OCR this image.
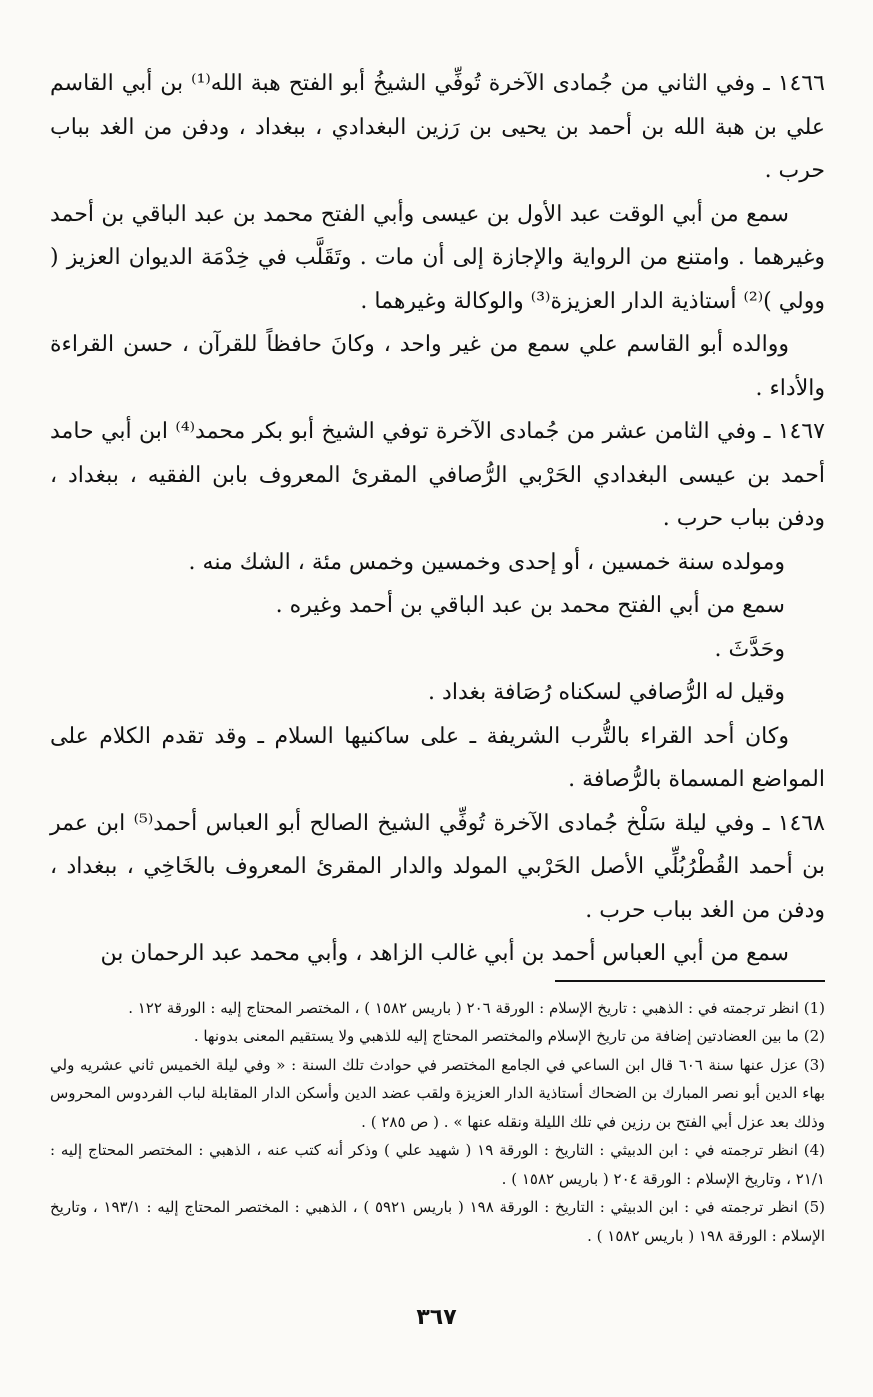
١٤٦٦ ـ وفي الثاني من جُمادى الآخرة تُوفِّي الشيخُ أبو الفتح هبة الله⁽¹⁾ بن أبي القاسم علي بن هبة الله بن أحمد بن يحيى بن رَزين البغدادي ، ببغداد ، ودفن من الغد بباب حرب .

سمع من أبي الوقت عبد الأول بن عيسى وأبي الفتح محمد بن عبد الباقي بن أحمد وغيرهما . وامتنع من الرواية والإجازة إلى أن مات . وتَقَلَّب في خِدْمَة الديوان العزيز ( وولي )⁽²⁾ أستاذية الدار العزيزة⁽³⁾ والوكالة وغيرهما .

ووالده أبو القاسم علي سمع من غير واحد ، وكانَ حافظاً للقرآن ، حسن القراءة والأداء .

١٤٦٧ ـ وفي الثامن عشر من جُمادى الآخرة توفي الشيخ أبو بكر محمد⁽⁴⁾ ابن أبي حامد أحمد بن عيسى البغدادي الحَرْبي الرُّصافي المقرئ المعروف بابن الفقيه ، ببغداد ، ودفن بباب حرب .

ومولده سنة خمسين ، أو إحدى وخمسين وخمس مئة ، الشك منه .
سمع من أبي الفتح محمد بن عبد الباقي بن أحمد وغيره .
وحَدَّثَ .
وقيل له الرُّصافي لسكناه رُصَافة بغداد .

وكان أحد القراء بالتُّرب الشريفة ـ على ساكنيها السلام ـ وقد تقدم الكلام على المواضع المسماة بالرُّصافة .

١٤٦٨ ـ وفي ليلة سَلْخ جُمادى الآخرة تُوفِّي الشيخ الصالح أبو العباس أحمد⁽⁵⁾ ابن عمر بن أحمد القُطْرُبُلِّي الأصل الحَرْبي المولد والدار المقرئ المعروف بالخَاخِي ، ببغداد ، ودفن من الغد بباب حرب .

سمع من أبي العباس أحمد بن أبي غالب الزاهد ، وأبي محمد عبد الرحمان بن

(1) انظر ترجمته في : الذهبي : تاريخ الإسلام : الورقة ٢٠٦ ( باريس ١٥٨٢ ) ، المختصر المحتاج إليه : الورقة ١٢٢ .

(2) ما بين العضادتين إضافة من تاريخ الإسلام والمختصر المحتاج إليه للذهبي ولا يستقيم المعنى بدونها .

(3) عزل عنها سنة ٦٠٦ قال ابن الساعي في الجامع المختصر في حوادث تلك السنة : « وفي ليلة الخميس ثاني عشريه ولي بهاء الدين أبو نصر المبارك بن الضحاك أستاذية الدار العزيزة ولقب عضد الدين وأسكن الدار المقابلة لباب الفردوس المحروس وذلك بعد عزل أبي الفتح بن رزين في تلك الليلة ونقله عنها » . ( ص ٢٨٥ ) .

(4) انظر ترجمته في : ابن الدبيثي : التاريخ : الورقة ١٩ ( شهيد علي ) وذكر أنه كتب عنه ، الذهبي : المختصر المحتاج إليه : ٢١/١ ، وتاريخ الإسلام : الورقة ٢٠٤ ( باريس ١٥٨٢ ) .

(5) انظر ترجمته في : ابن الدبيثي : التاريخ : الورقة ١٩٨ ( باريس ٥٩٢١ ) ، الذهبي : المختصر المحتاج إليه : ١٩٣/١ ، وتاريخ الإسلام : الورقة ١٩٨ ( باريس ١٥٨٢ ) .

٣٦٧
